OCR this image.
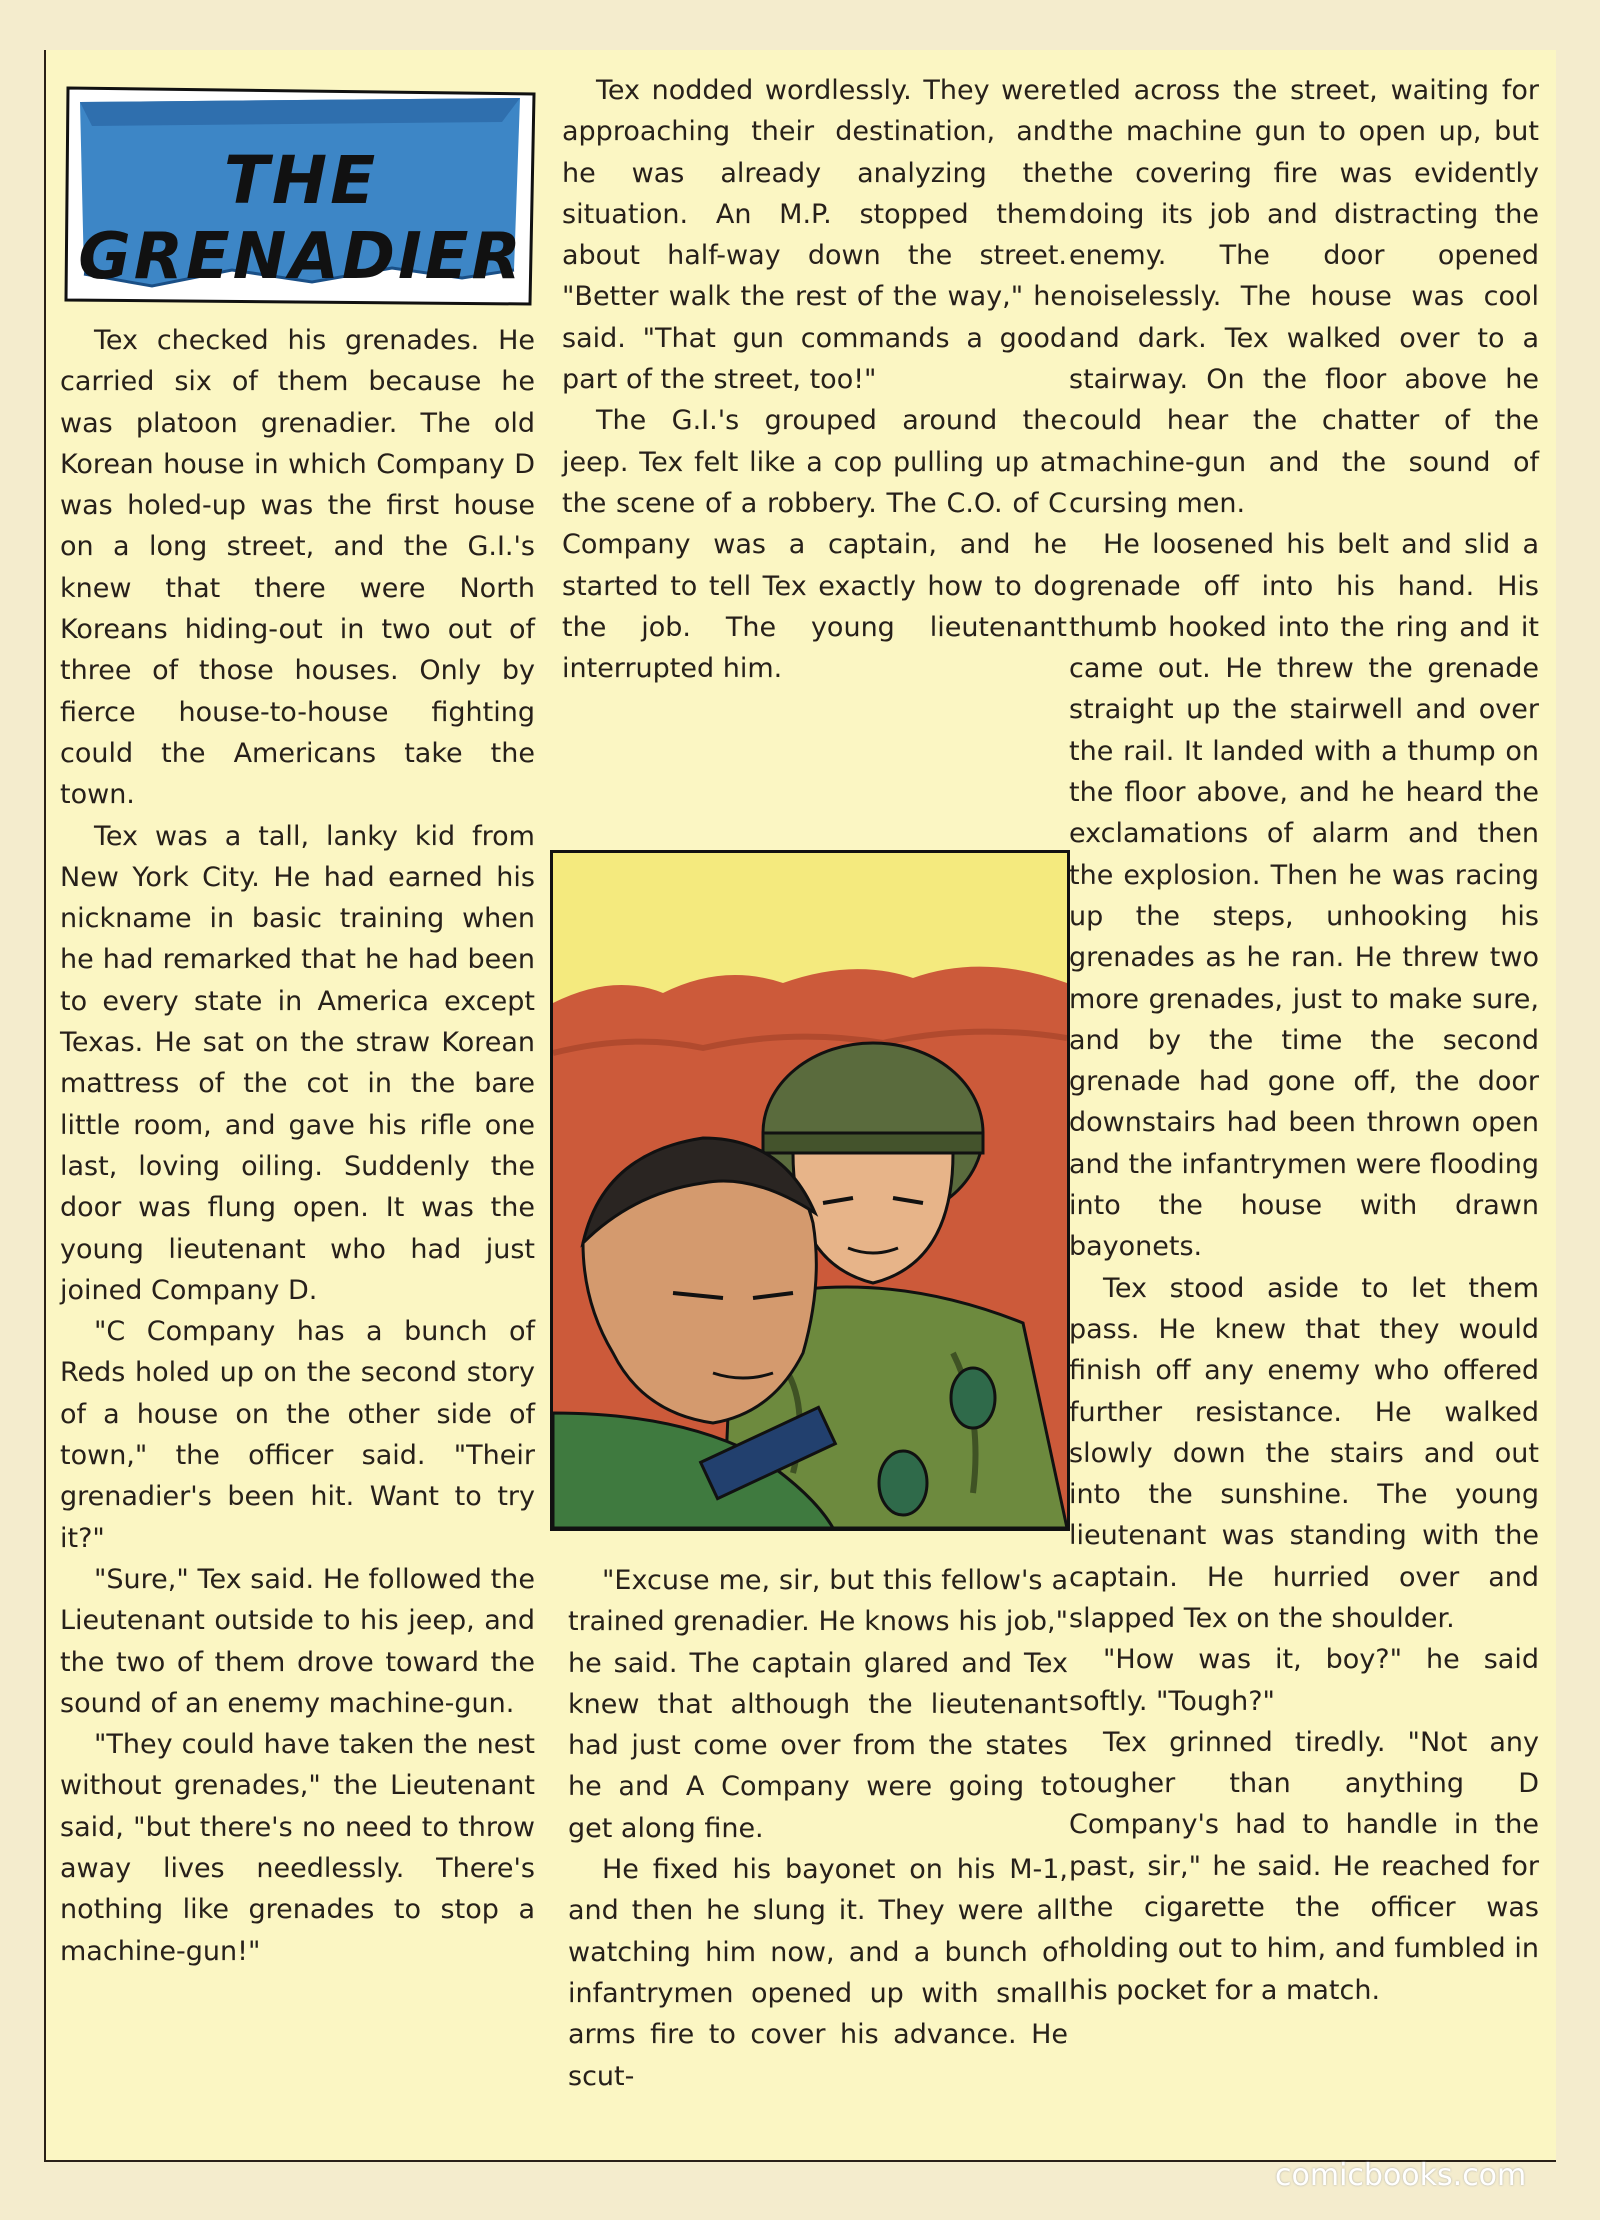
THE
GRENADIER

Tex checked his grenades. He carried six of them because he was platoon grenadier. The old Korean house in which Company D was holed-up was the first house on a long street, and the G.I.'s knew that there were North Koreans hiding-out in two out of three of those houses. Only by fierce house-to-house fighting could the Americans take the town.

Tex was a tall, lanky kid from New York City. He had earned his nickname in basic training when he had remarked that he had been to every state in America except Texas. He sat on the straw Korean mattress of the cot in the bare little room, and gave his rifle one last, loving oiling. Suddenly the door was flung open. It was the young lieutenant who had just joined Company D.

"C Company has a bunch of Reds holed up on the second story of a house on the other side of town," the officer said. "Their grenadier's been hit. Want to try it?"

"Sure," Tex said. He followed the Lieutenant outside to his jeep, and the two of them drove toward the sound of an enemy machine-gun.

"They could have taken the nest without grenades," the Lieutenant said, "but there's no need to throw away lives needlessly. There's nothing like grenades to stop a machine-gun!"

Tex nodded wordlessly. They were approaching their destination, and he was already analyzing the situation. An M.P. stopped them about half-way down the street. "Better walk the rest of the way," he said. "That gun commands a good part of the street, too!"

The G.I.'s grouped around the jeep. Tex felt like a cop pulling up at the scene of a robbery. The C.O. of C Company was a captain, and he started to tell Tex exactly how to do the job. The young lieutenant interrupted him.

"Excuse me, sir, but this fellow's a trained grenadier. He knows his job," he said. The captain glared and Tex knew that although the lieutenant had just come over from the states he and A Company were going to get along fine.

He fixed his bayonet on his M-1, and then he slung it. They were all watching him now, and a bunch of infantrymen opened up with small arms fire to cover his advance. He scut-

tled across the street, waiting for the machine gun to open up, but the covering fire was evidently doing its job and distracting the enemy. The door opened noiselessly. The house was cool and dark. Tex walked over to a stairway. On the floor above he could hear the chatter of the machine-gun and the sound of cursing men.

He loosened his belt and slid a grenade off into his hand. His thumb hooked into the ring and it came out. He threw the grenade straight up the stairwell and over the rail. It landed with a thump on the floor above, and he heard the exclamations of alarm and then the explosion. Then he was racing up the steps, unhooking his grenades as he ran. He threw two more grenades, just to make sure, and by the time the second grenade had gone off, the door downstairs had been thrown open and the infantrymen were flooding into the house with drawn bayonets.

Tex stood aside to let them pass. He knew that they would finish off any enemy who offered further resistance. He walked slowly down the stairs and out into the sunshine. The young lieutenant was standing with the captain. He hurried over and slapped Tex on the shoulder.

"How was it, boy?" he said softly. "Tough?"

Tex grinned tiredly. "Not any tougher than anything D Company's had to handle in the past, sir," he said. He reached for the cigarette the officer was holding out to him, and fumbled in his pocket for a match.

comicbooks.com
